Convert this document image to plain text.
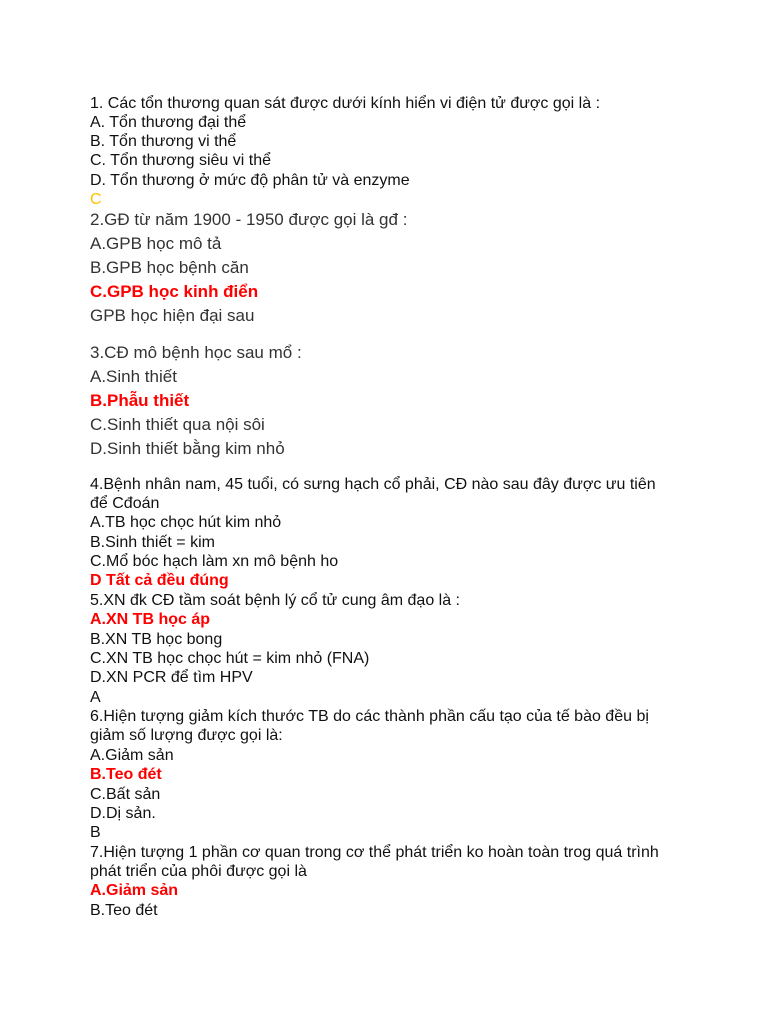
1. Các tổn thương quan sát được dưới kính hiển vi điện tử được gọi là :
A. Tổn thương đại thể
B. Tổn thương vi thể
C. Tổn thương siêu vi thể
D. Tổn thương ở mức độ phân tử và enzyme
C
2.GĐ từ năm 1900 - 1950 được gọi là gđ :
A.GPB học mô tả
B.GPB học bệnh căn
C.GPB học kinh điển
GPB học hiện đại sau
3.CĐ mô bệnh học sau mổ :
A.Sinh thiết
B.Phẫu thiết
C.Sinh thiết qua nội sôi
D.Sinh thiết bằng kim nhỏ
4.Bệnh nhân nam, 45 tuổi, có sưng hạch cổ phải, CĐ nào sau đây được ưu tiên
để Cđoán
A.TB học chọc hút kim nhỏ
B.Sinh thiết = kim
C.Mổ bóc hạch làm xn mô bệnh ho
D Tất cả đều đúng
5.XN đk CĐ tầm soát bệnh lý cổ tử cung âm đạo là :
A.XN TB học áp
B.XN TB học bong
C.XN TB học chọc hút = kim nhỏ (FNA)
D.XN PCR để tìm HPV
A
6.Hiện tượng giảm kích thước TB do các thành phần cấu tạo của tế bào đều bị
giảm số lượng được gọi là:
A.Giảm sản
B.Teo đét
C.Bất sản
D.Dị sản.
B
7.Hiện tượng 1 phần cơ quan trong cơ thể phát triển ko hoàn toàn trog quá trình
phát triển của phôi được gọi là
A.Giảm sản
B.Teo đét
